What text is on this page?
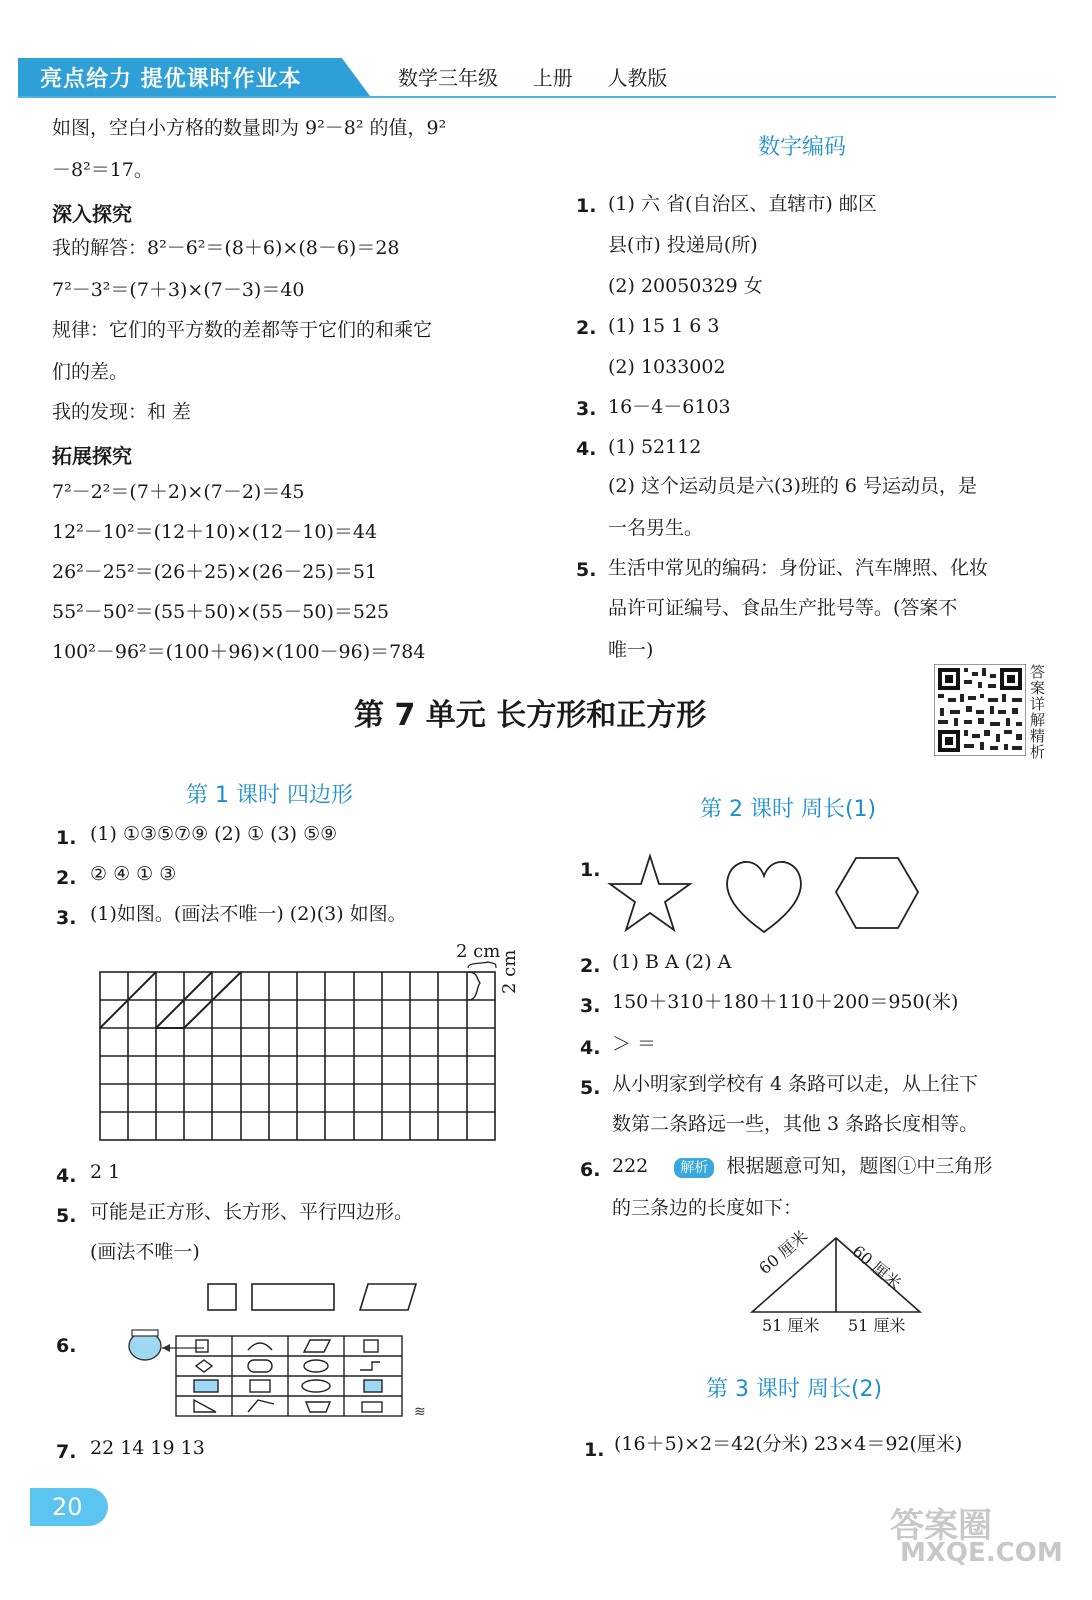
亮点给力 提优课时作业本	数学三年级 上册 人教版
如图，空白小方格的数量即为 9²－8² 的值，9²
－8²＝17。
深入探究
我的解答：8²－6²＝(8＋6)×(8－6)＝28
7²－3²＝(7＋3)×(7－3)＝40
规律：它们的平方数的差都等于它们的和乘它
们的差。
我的发现：和 差
拓展探究
7²－2²＝(7＋2)×(7－2)＝45
12²－10²＝(12＋10)×(12－10)＝44
26²－25²＝(26＋25)×(26－25)＝51
55²－50²＝(55＋50)×(55－50)＝525
100²－96²＝(100＋96)×(100－96)＝784
数字编码
1. (1) 六 省(自治区、直辖市) 邮区
县(市) 投递局(所)
(2) 20050329 女
2. (1) 15 1 6 3
(2) 1033002
3. 16－4－6103
4. (1) 52112
(2) 这个运动员是六(3)班的 6 号运动员，是
一名男生。
5. 生活中常见的编码：身份证、汽车牌照、化妆
品许可证编号、食品生产批号等。(答案不
唯一)
第 7 单元 长方形和正方形
答案详解精析
第 1 课时 四边形
1. (1) ①③⑤⑦⑨ (2) ① (3) ⑤⑨
2. ② ④ ① ③
3. (1)如图。(画法不唯一) (2)(3) 如图。
2 cm
2 cm
4. 2 1
5. 可能是正方形、长方形、平行四边形。
(画法不唯一)
6.
≋
7. 22 14 19 13
第 2 课时 周长(1)
1.
2. (1) B A (2) A
3. 150＋310＋180＋110＋200＝950(米)
4. ＞ ＝
5. 从小明家到学校有 4 条路可以走，从上往下
数第二条路远一些，其他 3 条路长度相等。
6. 222 解析 根据题意可知，题图①中三角形
的三条边的长度如下：
60 厘米 60 厘米
51 厘米 51 厘米
第 3 课时 周长(2)
1. (16＋5)×2＝42(分米) 23×4＝92(厘米)
20	答案圈
MXQE.COM
